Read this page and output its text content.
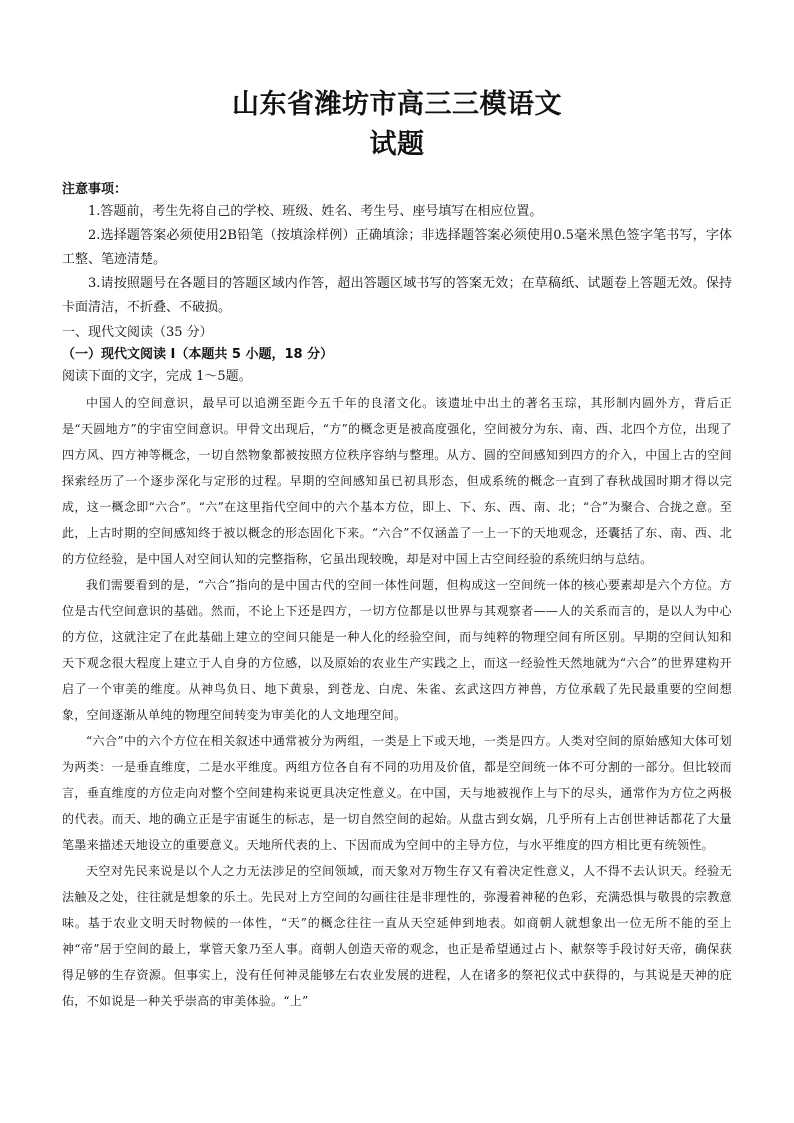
山东省潍坊市高三三模语文
试题
注意事项：

1.答题前，考生先将自己的学校、班级、姓名、考生号、座号填写在相应位置。

2.选择题答案必须使用2B铅笔（按填涂样例）正确填涂；非选择题答案必须使用0.5毫米黑色签字笔书写，字体工整、笔迹清楚。

3.请按照题号在各题目的答题区域内作答，超出答题区域书写的答案无效；在草稿纸、试题卷上答题无效。保持卡面清洁，不折叠、不破损。

一、现代文阅读（35 分）
（一）现代文阅读 I（本题共 5 小题，18 分）
阅读下面的文字，完成 1～5题。

中国人的空间意识，最早可以追溯至距今五千年的良渚文化。该遗址中出土的著名玉琮，其形制内圆外方，背后正是“天圆地方”的宇宙空间意识。甲骨文出现后，“方”的概念更是被高度强化，空间被分为东、南、西、北四个方位，出现了四方风、四方神等概念，一切自然物象都被按照方位秩序容纳与整理。从方、圆的空间感知到四方的介入，中国上古的空间探索经历了一个逐步深化与定形的过程。早期的空间感知虽已初具形态，但成系统的概念一直到了春秋战国时期才得以完成，这一概念即“六合”。“六”在这里指代空间中的六个基本方位，即上、下、东、西、南、北；“合”为聚合、合拢之意。至此，上古时期的空间感知终于被以概念的形态固化下来。“六合”不仅涵盖了一上一下的天地观念，还囊括了东、南、西、北的方位经验，是中国人对空间认知的完整指称，它虽出现较晚，却是对中国上古空间经验的系统归纳与总结。

我们需要看到的是，“六合”指向的是中国古代的空间一体性问题，但构成这一空间统一体的核心要素却是六个方位。方位是古代空间意识的基础。然而，不论上下还是四方，一切方位都是以世界与其观察者——人的关系而言的，是以人为中心的方位，这就注定了在此基础上建立的空间只能是一种人化的经验空间，而与纯粹的物理空间有所区别。早期的空间认知和天下观念很大程度上建立于人自身的方位感，以及原始的农业生产实践之上，而这一经验性天然地就为“六合”的世界建构开启了一个审美的维度。从神鸟负日、地下黄泉，到苍龙、白虎、朱雀、玄武这四方神兽，方位承载了先民最重要的空间想象，空间逐渐从单纯的物理空间转变为审美化的人文地理空间。

“六合”中的六个方位在相关叙述中通常被分为两组，一类是上下或天地，一类是四方。人类对空间的原始感知大体可划为两类：一是垂直维度，二是水平维度。两组方位各自有不同的功用及价值，都是空间统一体不可分割的一部分。但比较而言，垂直维度的方位走向对整个空间建构来说更具决定性意义。在中国，天与地被视作上与下的尽头，通常作为方位之两极的代表。而天、地的确立正是宇宙诞生的标志，是一切自然空间的起始。从盘古到女娲，几乎所有上古创世神话都花了大量笔墨来描述天地设立的重要意义。天地所代表的上、下因而成为空间中的主导方位，与水平维度的四方相比更有统领性。

天空对先民来说是以个人之力无法涉足的空间领域，而天象对万物生存又有着决定性意义，人不得不去认识天。经验无法触及之处，往往就是想象的乐土。先民对上方空间的勾画往往是非理性的，弥漫着神秘的色彩，充满恐惧与敬畏的宗教意味。基于农业文明天时物候的一体性，“天”的概念往往一直从天空延伸到地表。如商朝人就想象出一位无所不能的至上神“帝”居于空间的最上，掌管天象乃至人事。商朝人创造天帝的观念，也正是希望通过占卜、献祭等手段讨好天帝，确保获得足够的生存资源。但事实上，没有任何神灵能够左右农业发展的进程，人在诸多的祭祀仪式中获得的，与其说是天神的庇佑，不如说是一种关乎崇高的审美体验。“上”
